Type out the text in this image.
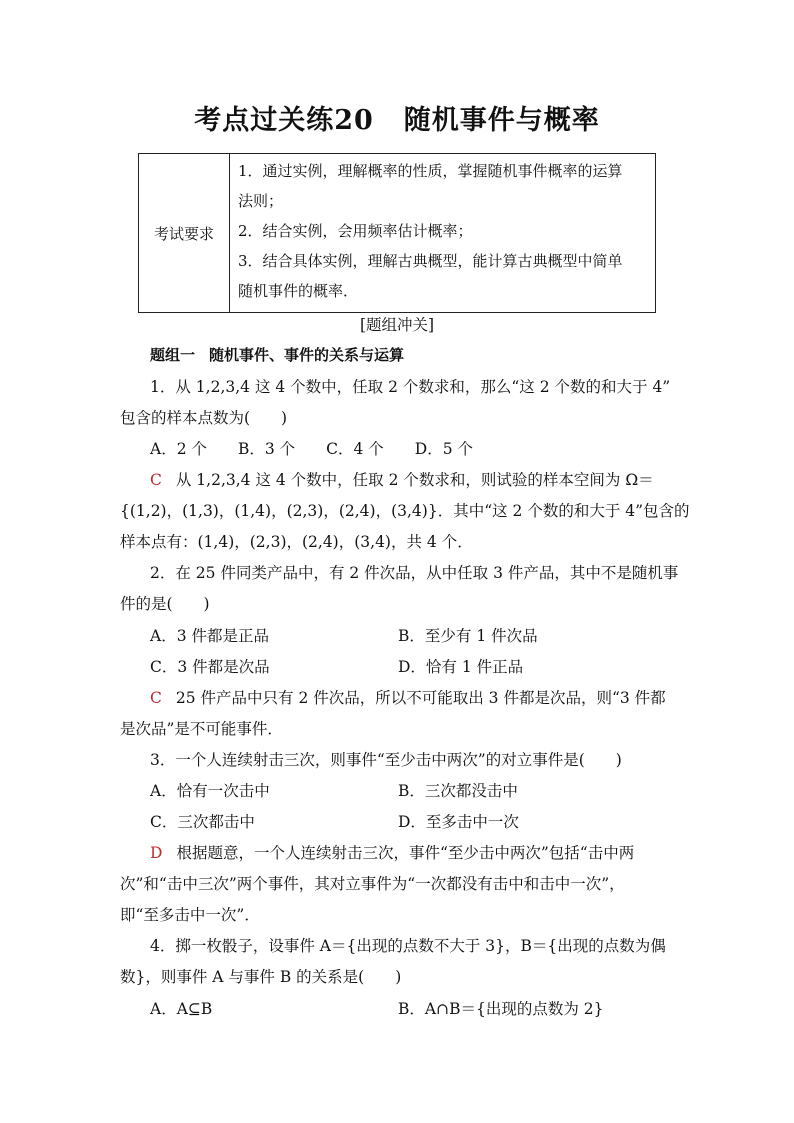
考点过关练20 随机事件与概率
考试要求	
1．通过实例，理解概率的性质，掌握随机事件概率的运算
法则；
2．结合实例，会用频率估计概率；
3．结合具体实例，理解古典概型，能计算古典概型中简单
随机事件的概率．
[题组冲关]
题组一 随机事件、事件的关系与运算
1．从 1,2,3,4 这 4 个数中，任取 2 个数求和，那么“这 2 个数的和大于 4”
包含的样本点数为(　　)
A．2 个　　B．3 个　　C．4 个　　D．5 个
C 从 1,2,3,4 这 4 个数中，任取 2 个数求和，则试验的样本空间为 Ω＝
{(1,2)，(1,3)，(1,4)，(2,3)，(2,4)，(3,4)}．其中“这 2 个数的和大于 4”包含的
样本点有：(1,4)，(2,3)，(2,4)，(3,4)，共 4 个．
2．在 25 件同类产品中，有 2 件次品，从中任取 3 件产品，其中不是随机事
件的是(　　)
A．3 件都是正品	B．至少有 1 件次品
C．3 件都是次品	D．恰有 1 件正品
C 25 件产品中只有 2 件次品，所以不可能取出 3 件都是次品，则“3 件都
是次品”是不可能事件．
3．一个人连续射击三次，则事件“至少击中两次”的对立事件是(　　)
A．恰有一次击中	B．三次都没击中
C．三次都击中	D．至多击中一次
D 根据题意，一个人连续射击三次，事件“至少击中两次”包括“击中两
次”和“击中三次”两个事件，其对立事件为“一次都没有击中和击中一次”，
即“至多击中一次”．
4．掷一枚骰子，设事件 A＝{出现的点数不大于 3}，B＝{出现的点数为偶
数}，则事件 A 与事件 B 的关系是(　　)
A．A⊆B	B．A∩B＝{出现的点数为 2}
